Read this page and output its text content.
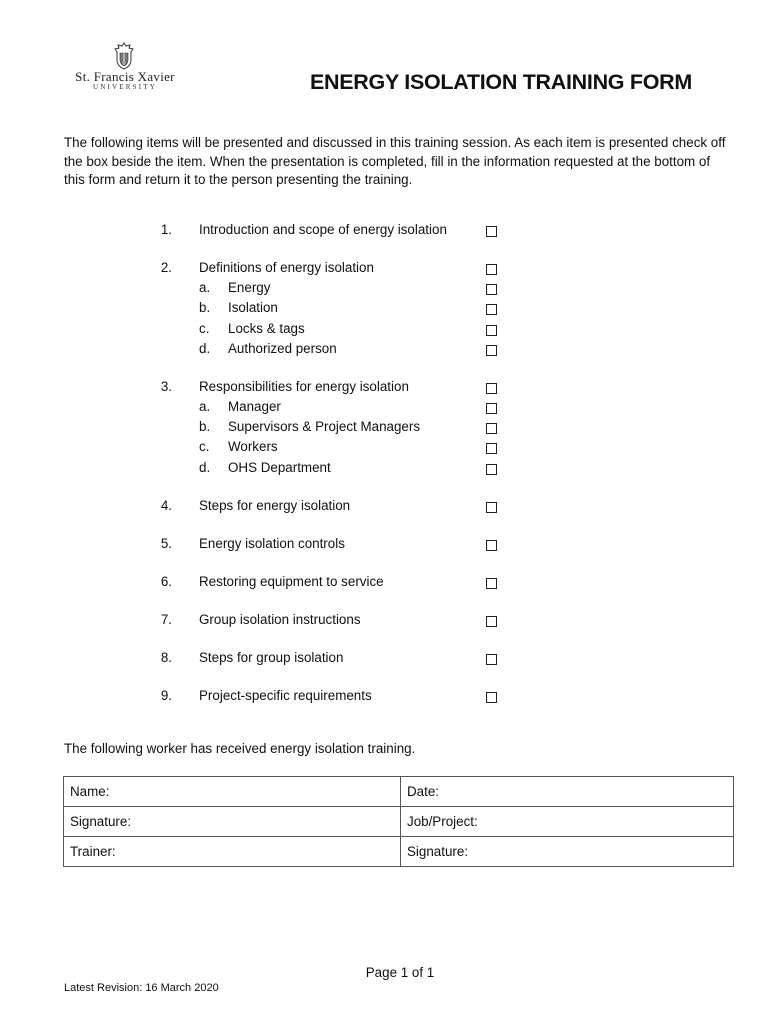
St. Francis Xavier
UNIVERSITY	ENERGY ISOLATION TRAINING FORM
The following items will be presented and discussed in this training session. As each item is presented check off the box beside the item. When the presentation is completed, fill in the information requested at the bottom of this form and return it to the person presenting the training.
1. Introduction and scope of energy isolation
2. Definitions of energy isolation
a. Energy
b. Isolation
c. Locks & tags
d. Authorized person
3. Responsibilities for energy isolation
a. Manager
b. Supervisors & Project Managers
c. Workers
d. OHS Department
4. Steps for energy isolation
5. Energy isolation controls
6. Restoring equipment to service
7. Group isolation instructions
8. Steps for group isolation
9. Project-specific requirements
The following worker has received energy isolation training.
Name:	Date:
Signature:	Job/Project:
Trainer:	Signature:
Page 1 of 1
Latest Revision: 16 March 2020
